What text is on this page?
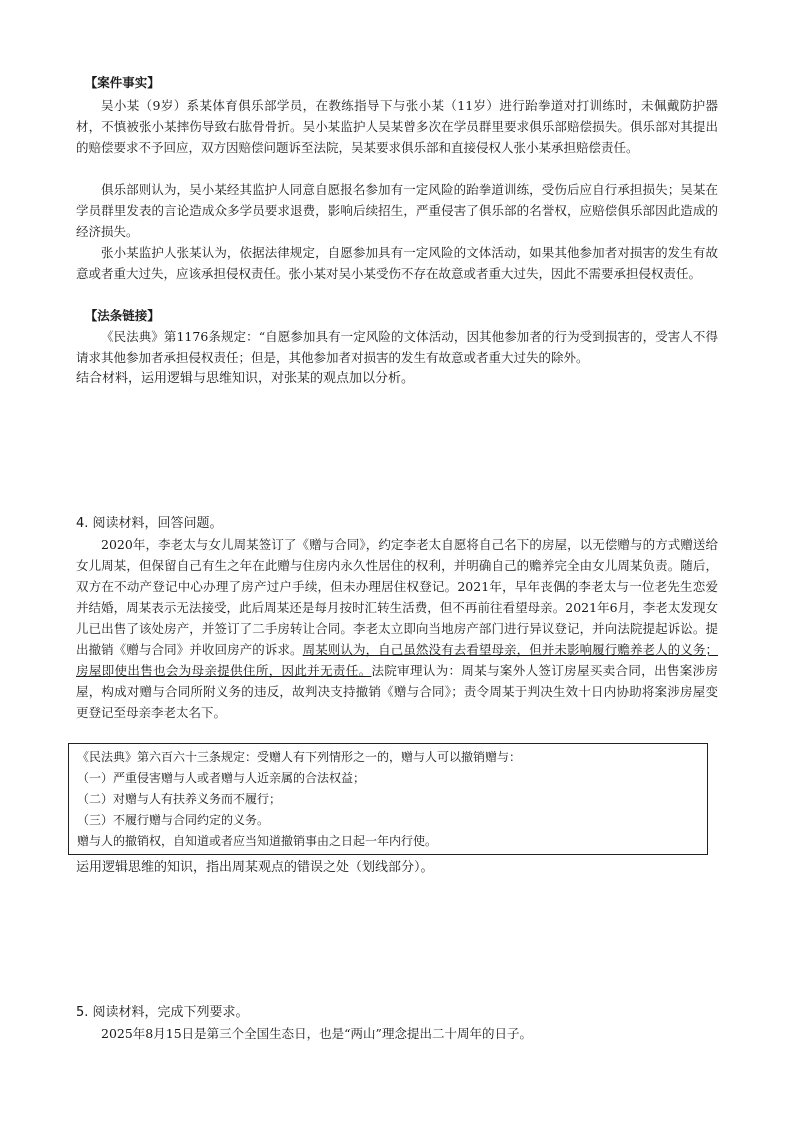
【案件事实】

吴小某（9岁）系某体育俱乐部学员，在教练指导下与张小某（11岁）进行跆拳道对打训练时，未佩戴防护器材，不慎被张小某摔伤导致右肱骨骨折。吴小某监护人吴某曾多次在学员群里要求俱乐部赔偿损失。俱乐部对其提出的赔偿要求不予回应，双方因赔偿问题诉至法院，吴某要求俱乐部和直接侵权人张小某承担赔偿责任。

俱乐部则认为，吴小某经其监护人同意自愿报名参加有一定风险的跆拳道训练，受伤后应自行承担损失；吴某在学员群里发表的言论造成众多学员要求退费，影响后续招生，严重侵害了俱乐部的名誉权，应赔偿俱乐部因此造成的经济损失。

张小某监护人张某认为，依据法律规定，自愿参加具有一定风险的文体活动，如果其他参加者对损害的发生有故意或者重大过失，应该承担侵权责任。张小某对吴小某受伤不存在故意或者重大过失，因此不需要承担侵权责任。

【法条链接】

《民法典》第1176条规定：“自愿参加具有一定风险的文体活动，因其他参加者的行为受到损害的，受害人不得请求其他参加者承担侵权责任；但是，其他参加者对损害的发生有故意或者重大过失的除外。

结合材料，运用逻辑与思维知识，对张某的观点加以分析。

4. 阅读材料，回答问题。

2020年，李老太与女儿周某签订了《赠与合同》，约定李老太自愿将自己名下的房屋，以无偿赠与的方式赠送给女儿周某，但保留自己有生之年在此赠与住房内永久性居住的权利，并明确自己的赡养完全由女儿周某负责。随后，双方在不动产登记中心办理了房产过户手续，但未办理居住权登记。2021年，早年丧偶的李老太与一位老先生恋爱并结婚，周某表示无法接受，此后周某还是每月按时汇转生活费，但不再前往看望母亲。2021年6月，李老太发现女儿已出售了该处房产，并签订了二手房转让合同。李老太立即向当地房产部门进行异议登记，并向法院提起诉讼。提出撤销《赠与合同》并收回房产的诉求。周某则认为，自己虽然没有去看望母亲，但并未影响履行赡养老人的义务；房屋即使出售也会为母亲提供住所，因此并无责任。法院审理认为：周某与案外人签订房屋买卖合同，出售案涉房屋，构成对赠与合同所附义务的违反，故判决支持撤销《赠与合同》；责令周某于判决生效十日内协助将案涉房屋变更登记至母亲李老太名下。

《民法典》第六百六十三条规定：受赠人有下列情形之一的，赠与人可以撤销赠与：

（一）严重侵害赠与人或者赠与人近亲属的合法权益；

（二）对赠与人有扶养义务而不履行；

（三）不履行赠与合同约定的义务。

赠与人的撤销权，自知道或者应当知道撤销事由之日起一年内行使。

运用逻辑思维的知识，指出周某观点的错误之处（划线部分）。

5. 阅读材料，完成下列要求。

2025年8月15日是第三个全国生态日，也是“两山”理念提出二十周年的日子。
